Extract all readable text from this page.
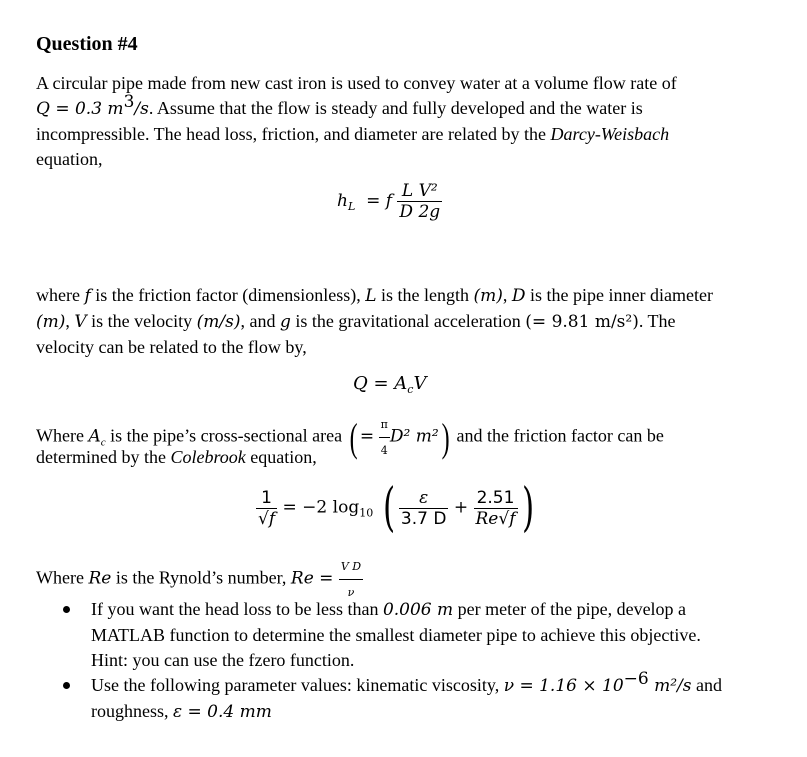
Question #4
A circular pipe made from new cast iron is used to convey water at a volume flow rate of
Q = 0.3 $m^3/s$. Assume that the flow is steady and fully developed and the water is
incompressible. The head loss, friction, and diameter are related by the Darcy-Weisbach
equation,
$h_L = f \frac{\text{L V²}}{D 2g}$
where f is the friction factor (dimensionless), L is the length (m), D is the pipe inner diameter
(m), V is the velocity (m/s), and g is the gravitational acceleration (= 9.81 m/s²). The
velocity can be related to the flow by,
$Q = A_cV$
Where $A_c$ is the pipe’s cross-sectional area ( = $\frac{\pi}{4} D^2$ m²) and the friction factor can be
determined by the Colebrook equation,
$\frac{1}{√f} = -2$ $\log_{10}$ ( $\frac{\varepsilon}{3.7 D} + \frac{2.51}{Re√f}$ )
Where Re is the Rynold’s number, $Re = \frac{\text{V D}}{\nu}$
If you want the head loss to be less than 0.006 m per meter of the pipe, develop a
MATLAB function to determine the smallest diameter pipe to achieve this objective.
Hint: you can use the fzero function.
Use the following parameter values: kinematic viscosity, $\nu = 1.16 \times 10^{-6}$ m²/s and
roughness, ε = 0.4 mm
